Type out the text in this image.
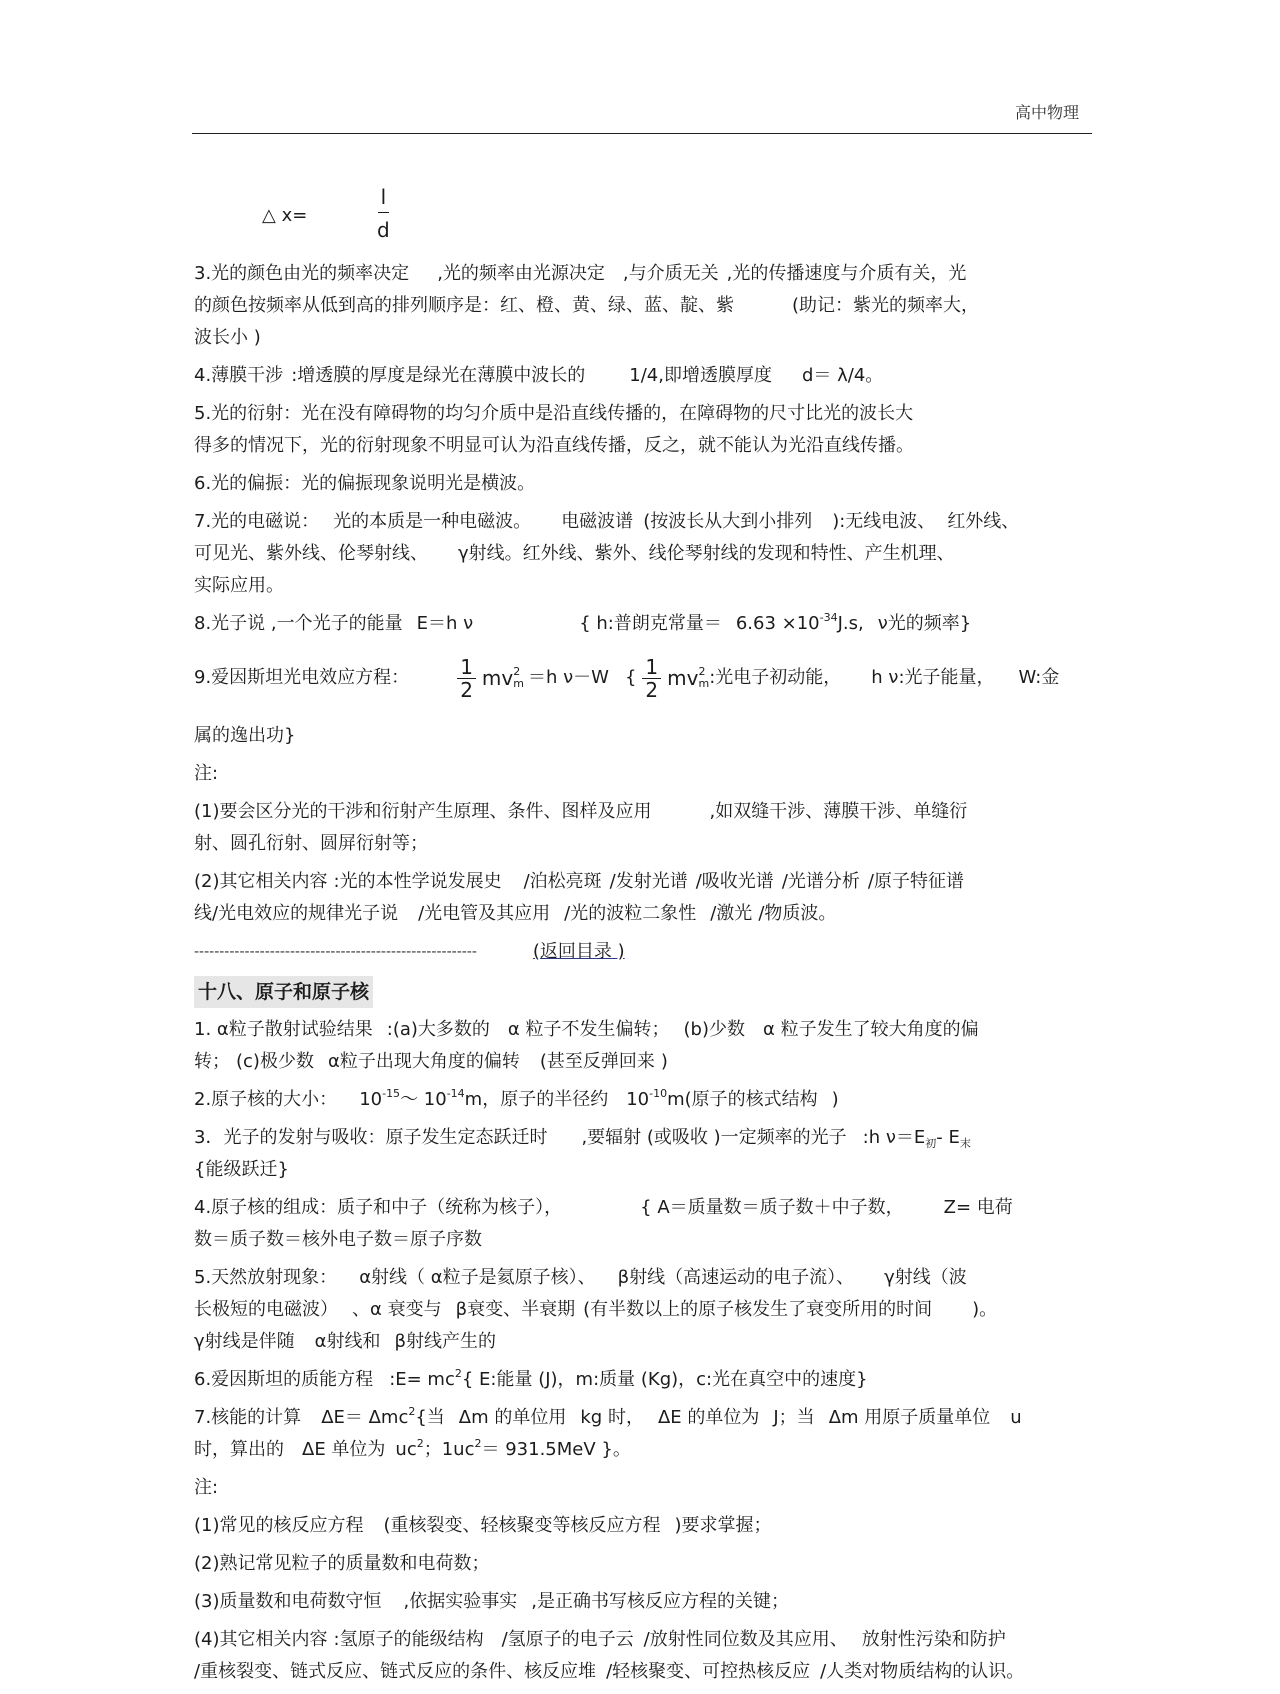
高中物理
△ x=	$\frac{l}{d}$
3.光的颜色由光的频率决定 ,光的频率由光源决定 ,与介质无关 ,光的传播速度与介质有关，光
的颜色按频率从低到高的排列顺序是：红、橙、黄、绿、蓝、靛、紫	(助记：紫光的频率大，
波长小 )
4.薄膜干涉 :增透膜的厚度是绿光在薄膜中波长的 1/4,即增透膜厚度 d＝ λ/4。
5.光的衍射：光在没有障碍物的均匀介质中是沿直线传播的，在障碍物的尺寸比光的波长大
得多的情况下，光的衍射现象不明显可认为沿直线传播，反之，就不能认为光沿直线传播。
6.光的偏振：光的偏振现象说明光是横波。
7.光的电磁说： 光的本质是一种电磁波。 电磁波谱 (按波长从大到小排列 ):无线电波、 红外线、
可见光、紫外线、伦琴射线、 γ射线。红外线、紫外、线伦琴射线的发现和特性、产生机理、
实际应用。
8.光子说 ,一个光子的能量 E＝h ν	{ h:普朗克常量＝ $6.63 \times 10^{-34}J.s$, ν光的频率}
9.爱因斯坦光电效应方程： $\frac{1}{2}$ mv 2
m ＝h ν－W { $\frac{1}{2}$ mv 2
m :光电子初动能， h ν:光子能量， W:金
属的逸出功}
注:
(1)要会区分光的干涉和衍射产生原理、条件、图样及应用	,如双缝干涉、薄膜干涉、单缝衍
射、圆孔衍射、圆屏衍射等；
(2)其它相关内容 :光的本性学说发展史 /泊松亮斑 /发射光谱 /吸收光谱 /光谱分析 /原子特征谱
线/光电效应的规律光子说 /光电管及其应用 /光的波粒二象性 /激光 /物质波。
--------------------------------------------------------	(返回目录 )
十八、原子和原子核
1. α粒子散射试验结果 :(a)大多数的 α 粒子不发生偏转； (b)少数 α 粒子发生了较大角度的偏
转； (c)极少数 α粒子出现大角度的偏转 (甚至反弹回来 )
2.原子核的大小： $10^{-15}\sim$ $10^{-14}m$，原子的半径约 $10^{-10}m$(原子的核式结构 )
3．光子的发射与吸收：原子发生定态跃迁时 ,要辐射 (或吸收 )一定频率的光子 :h $\nu=E_初-$ $E_末$
{能级跃迁}
4.原子核的组成：质子和中子（统称为核子），	{ A＝质量数＝质子数＋中子数， Z= 电荷
数＝质子数＝核外电子数＝原子序数
5.天然放射现象： α射线（ α粒子是氦原子核）、 β射线（高速运动的电子流）、 γ射线（波
长极短的电磁波） 、α 衰变与 β衰变、半衰期 (有半数以上的原子核发生了衰变所用的时间 )。
γ射线是伴随 α射线和 β射线产生的
6.爱因斯坦的质能方程 :E= $mc^2${ E:能量 (J)，m:质量 (Kg)，c:光在真空中的速度}
7.核能的计算 ΔE＝ Δmc$^2${当 Δm 的单位用 kg 时， ΔE 的单位为 J；当 Δm 用原子质量单位 u
时，算出的 ΔE 单位为 $uc^2$；$1uc^2= 931.5MeV$ }。
注:
(1)常见的核反应方程 (重核裂变、轻核聚变等核反应方程 )要求掌握；
(2)熟记常见粒子的质量数和电荷数；
(3)质量数和电荷数守恒 ,依据实验事实 ,是正确书写核反应方程的关键；
(4)其它相关内容 :氢原子的能级结构 /氢原子的电子云 /放射性同位数及其应用、 放射性污染和防护
/重核裂变、链式反应、链式反应的条件、核反应堆 /轻核聚变、可控热核反应 /人类对物质结构的认识。
